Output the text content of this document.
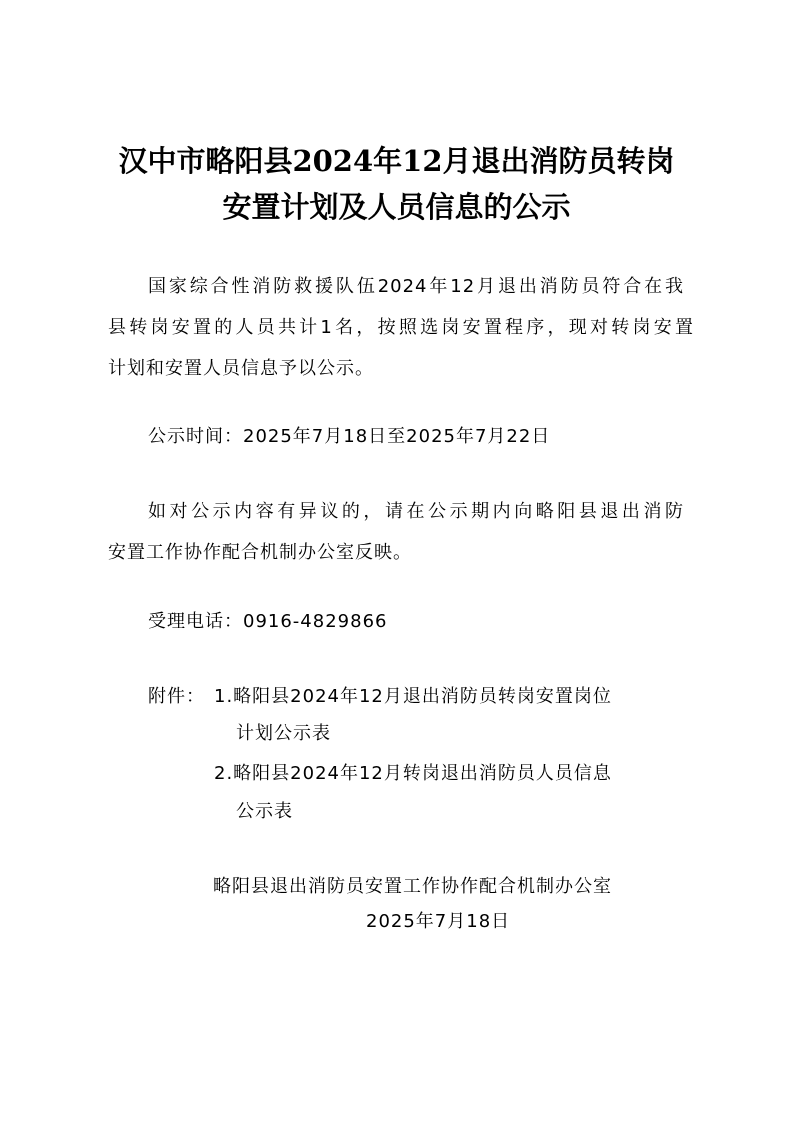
汉中市略阳县2024年12月退出消防员转岗
安置计划及人员信息的公示
国家综合性消防救援队伍2024年12月退出消防员符合在我
县转岗安置的人员共计1名，按照选岗安置程序，现对转岗安置
计划和安置人员信息予以公示。
公示时间：2025年7月18日至2025年7月22日
如对公示内容有异议的，请在公示期内向略阳县退出消防
安置工作协作配合机制办公室反映。
受理电话：0916-4829866
附件： 1.略阳县2024年12月退出消防员转岗安置岗位
计划公示表
2.略阳县2024年12月转岗退出消防员人员信息
公示表
略阳县退出消防员安置工作协作配合机制办公室
2025年7月18日
